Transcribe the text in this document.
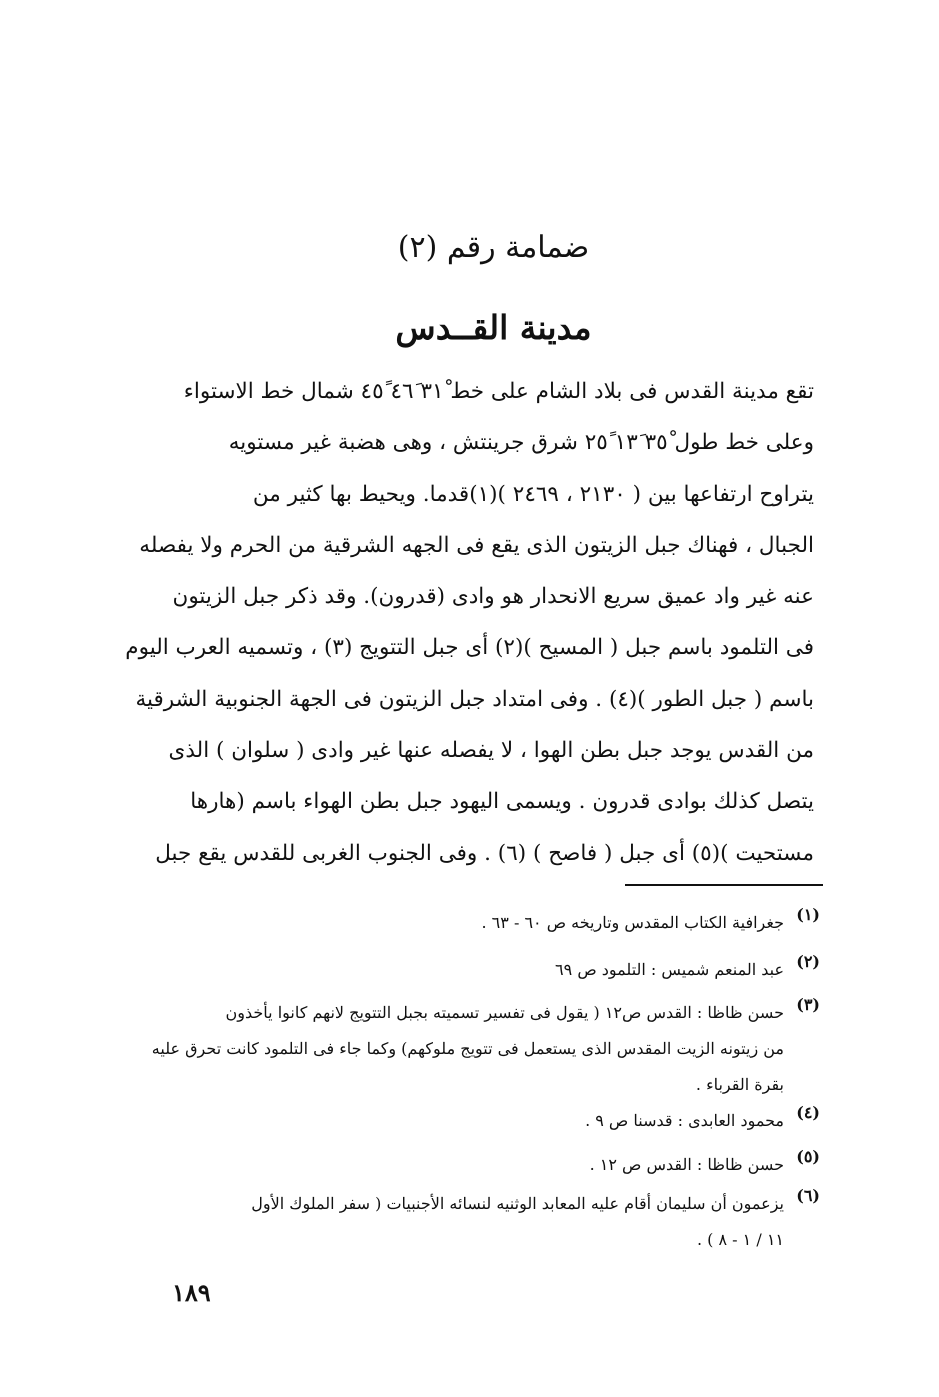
ضمامة رقم (٢)
مدينة القــدس
تقع مدينة القدس فى بلاد الشام على خط ٣١ْ ٤٦َ ٤٥ً شمال خط الاستواء
وعلى خط طول ٣٥ْ ١٣َ ٢٥ً شرق جرينتش ، وهى هضبة غير مستويه
يتراوح ارتفاعها بين ( ٢١٣٠ ، ٢٤٦٩ )(١)قدما. ويحيط بها كثير من
الجبال ، فهناك جبل الزيتون الذى يقع فى الجهه الشرقية من الحرم ولا يفصله
عنه غير واد عميق سريع الانحدار هو وادى (قدرون). وقد ذكر جبل الزيتون
فى التلمود باسم جبل ( المسيح )(٢) أى جبل التتويج (٣) ، وتسميه العرب اليوم
باسم ( جبل الطور )(٤) . وفى امتداد جبل الزيتون فى الجهة الجنوبية الشرقية
من القدس يوجد جبل بطن الهوا ، لا يفصله عنها غير وادى ( سلوان ) الذى
يتصل كذلك بوادى قدرون . ويسمى اليهود جبل بطن الهواء باسم (هارها
مستحيت )(٥) أى جبل ( فاصح ) (٦) . وفى الجنوب الغربى للقدس يقع جبل
(١)
جغرافية الكتاب المقدس وتاريخه ص ٦٠ - ٦٣ .
(٢)
عبد المنعم شميس : التلمود ص ٦٩
(٣)
حسن ظاظا : القدس ص١٢ ( يقول فى تفسير تسميته بجبل التتويج لانهم كانوا يأخذون
من زيتونه الزيت المقدس الذى يستعمل فى تتويج ملوكهم) وكما جاء فى التلمود كانت تحرق عليه
بقرة القرباء .
(٤)
محمود العابدى : قدسنا ص ٩ .
(٥)
حسن ظاظا : القدس ص ١٢ .
(٦)
يزعمون أن سليمان أقام عليه المعابد الوثنيه لنسائه الأجنبيات ( سفر الملوك الأول
١١ / ١ - ٨ ) .
١٨٩
